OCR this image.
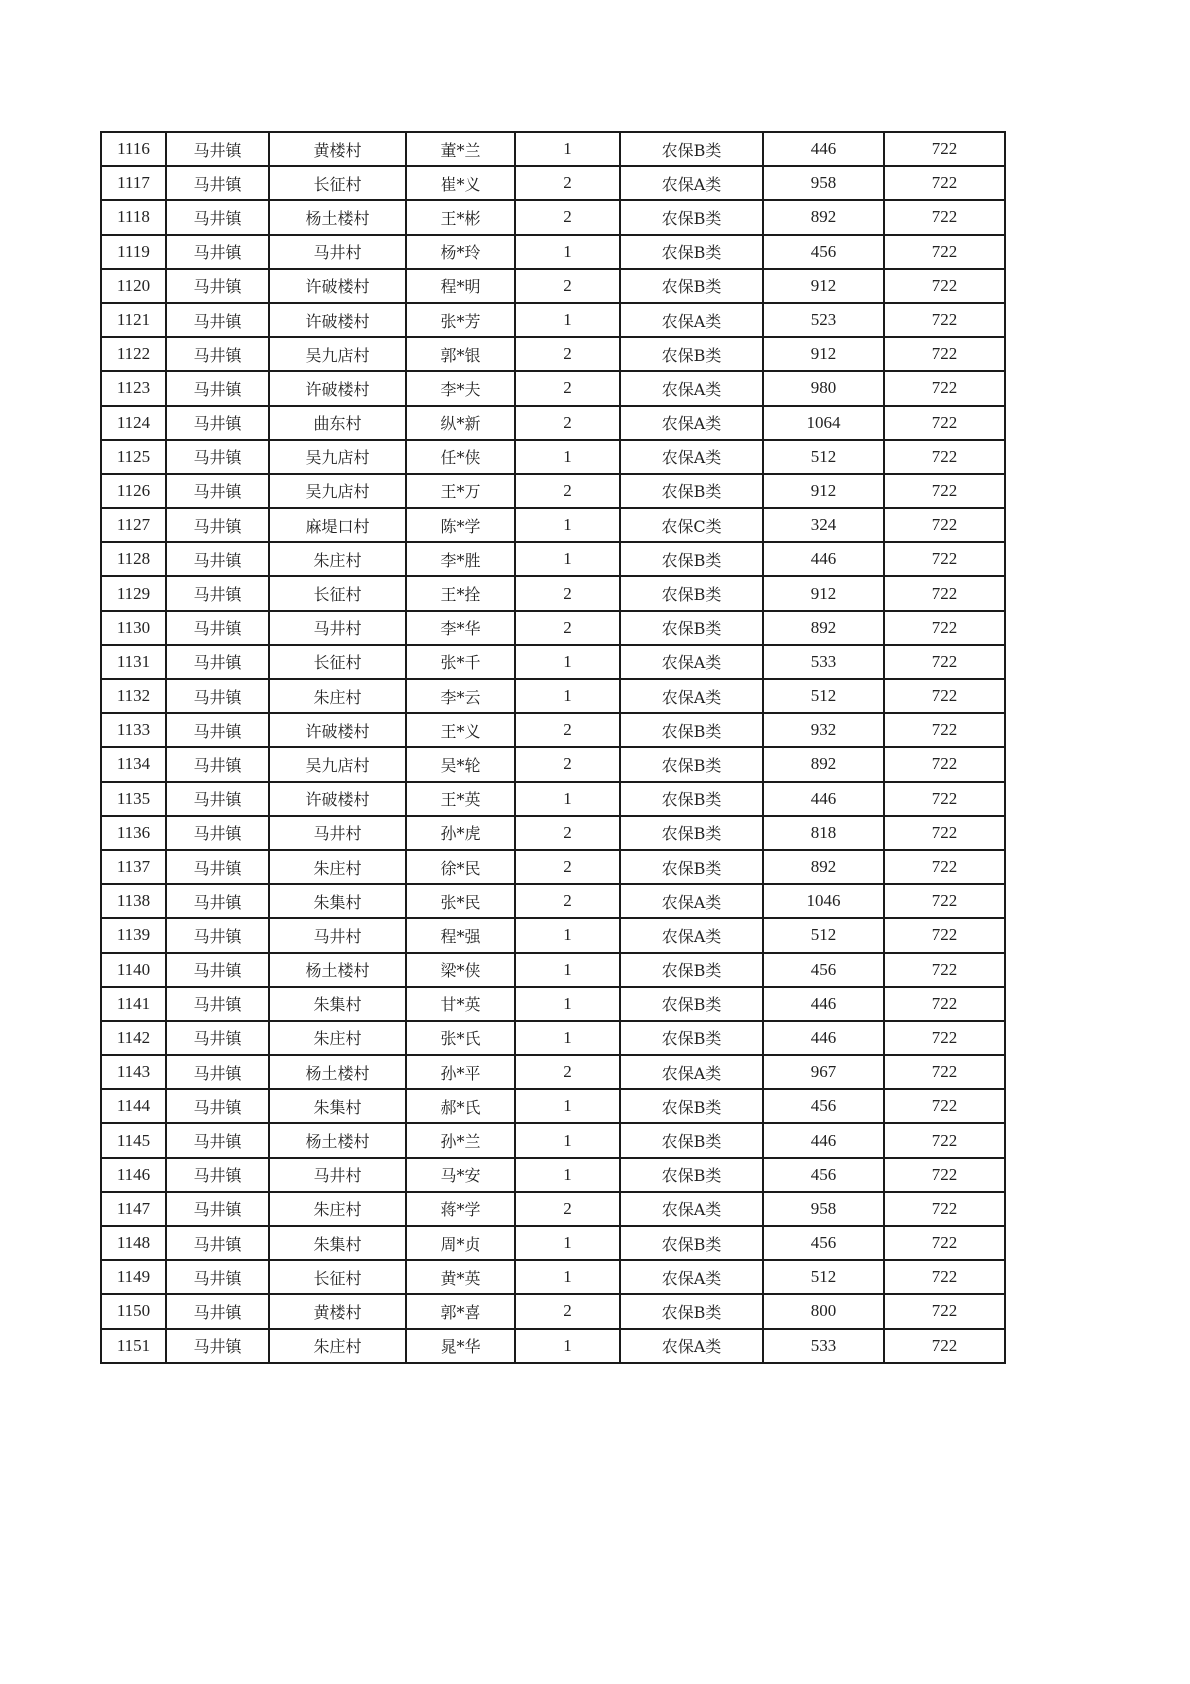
1116	马井镇	黄楼村	董*兰	1	农保B类	446	722
1117	马井镇	长征村	崔*义	2	农保A类	958	722
1118	马井镇	杨土楼村	王*彬	2	农保B类	892	722
1119	马井镇	马井村	杨*玲	1	农保B类	456	722
1120	马井镇	许破楼村	程*明	2	农保B类	912	722
1121	马井镇	许破楼村	张*芳	1	农保A类	523	722
1122	马井镇	吴九店村	郭*银	2	农保B类	912	722
1123	马井镇	许破楼村	李*夫	2	农保A类	980	722
1124	马井镇	曲东村	纵*新	2	农保A类	1064	722
1125	马井镇	吴九店村	任*侠	1	农保A类	512	722
1126	马井镇	吴九店村	王*万	2	农保B类	912	722
1127	马井镇	麻堤口村	陈*学	1	农保C类	324	722
1128	马井镇	朱庄村	李*胜	1	农保B类	446	722
1129	马井镇	长征村	王*拴	2	农保B类	912	722
1130	马井镇	马井村	李*华	2	农保B类	892	722
1131	马井镇	长征村	张*千	1	农保A类	533	722
1132	马井镇	朱庄村	李*云	1	农保A类	512	722
1133	马井镇	许破楼村	王*义	2	农保B类	932	722
1134	马井镇	吴九店村	吴*轮	2	农保B类	892	722
1135	马井镇	许破楼村	王*英	1	农保B类	446	722
1136	马井镇	马井村	孙*虎	2	农保B类	818	722
1137	马井镇	朱庄村	徐*民	2	农保B类	892	722
1138	马井镇	朱集村	张*民	2	农保A类	1046	722
1139	马井镇	马井村	程*强	1	农保A类	512	722
1140	马井镇	杨土楼村	梁*侠	1	农保B类	456	722
1141	马井镇	朱集村	甘*英	1	农保B类	446	722
1142	马井镇	朱庄村	张*氏	1	农保B类	446	722
1143	马井镇	杨土楼村	孙*平	2	农保A类	967	722
1144	马井镇	朱集村	郝*氏	1	农保B类	456	722
1145	马井镇	杨土楼村	孙*兰	1	农保B类	446	722
1146	马井镇	马井村	马*安	1	农保B类	456	722
1147	马井镇	朱庄村	蒋*学	2	农保A类	958	722
1148	马井镇	朱集村	周*贞	1	农保B类	456	722
1149	马井镇	长征村	黄*英	1	农保A类	512	722
1150	马井镇	黄楼村	郭*喜	2	农保B类	800	722
1151	马井镇	朱庄村	晁*华	1	农保A类	533	722
